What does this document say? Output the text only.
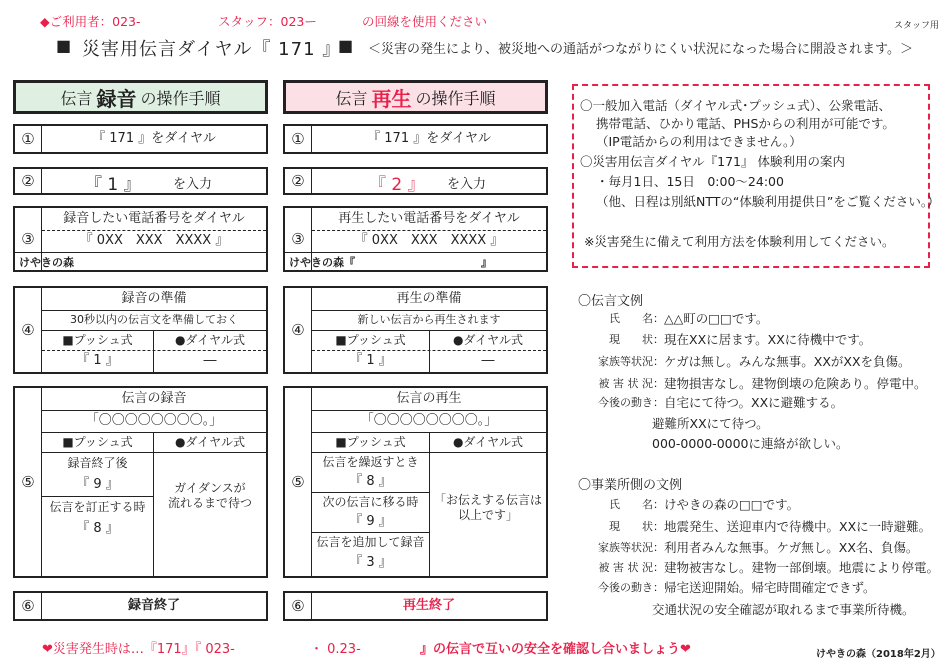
◆ご利用者：023-	スタッフ：023ー	の回線を使用ください	スタッフ用
■ 災害用伝言ダイヤル『 171 』
■ ＜災害の発生により、被災地への通話がつながりにくい状況になった場合に開設されます。＞
伝言 録音 の操作手順
①	『 171 』をダイヤル
②	『 1 』 を入力
③
録音したい電話番号をダイヤル
『 0XX　XXX　XXXX 』
けやきの森
④
録音の準備
30秒以内の伝言文を準備しておく
■プッシュ式	●ダイヤル式
『 1 』	―
⑤
伝言の録音
「〇〇〇〇〇〇〇〇。」
■プッシュ式	●ダイヤル式
録音終了後
『 9 』
伝言を訂正する時
『 8 』
ガイダンスが
流れるまで待つ
⑥	録音終了
伝言 再生 の操作手順
①	『 171 』をダイヤル
②	『 2 』 を入力
③
再生したい電話番号をダイヤル
『 0XX　XXX　XXXX 』
けやきの森『	』
④
再生の準備
新しい伝言から再生されます
■プッシュ式	●ダイヤル式
『 1 』	―
⑤
伝言の再生
「〇〇〇〇〇〇〇〇。」
■プッシュ式	●ダイヤル式
伝言を繰返すとき
『 8 』
次の伝言に移る時
『 9 』
伝言を追加して録音
『 3 』
「お伝えする伝言は
以上です」
⑥	再生終了
〇一般加入電話（ダイヤル式･プッシュ式）、公衆電話、
携帯電話、ひかり電話、PHSからの利用が可能です。
（IP電話からの利用はできません。）
〇災害用伝言ダイヤル『171』 体験利用の案内
・毎月1日、15日　0:00～24:00
（他、日程は別紙NTTの“体験利用提供日”をご覧ください。）
※災害発生に備えて利用方法を体験利用してください。
〇伝言文例
氏　　名： △△町の□□です。
現　　状： 現在XXに居ます。XXに待機中です。
家族等状況： ケガは無し。みんな無事。XXがXXを負傷。
被 害 状 況： 建物損害なし。建物倒壊の危険あり。停電中。
今後の動き： 自宅にて待つ。XXに避難する。
避難所XXにて待つ。
000-0000-0000に連絡が欲しい。
〇事業所側の文例
氏　　名： けやきの森の□□です。
現　　状： 地震発生、送迎車内で待機中。XXに一時避難。
家族等状況： 利用者みんな無事。ケガ無し。XX名、負傷。
被 害 状 況： 建物被害なし。建物一部倒壊。地震により停電。
今後の動き： 帰宅送迎開始。帰宅時間確定できず。
交通状況の安全確認が取れるまで事業所待機。
❤災害発生時は…『171』『 023-	・ 0.23-	』の伝言で互いの安全を確認し合いましょう❤	けやきの森（2018年2月）
